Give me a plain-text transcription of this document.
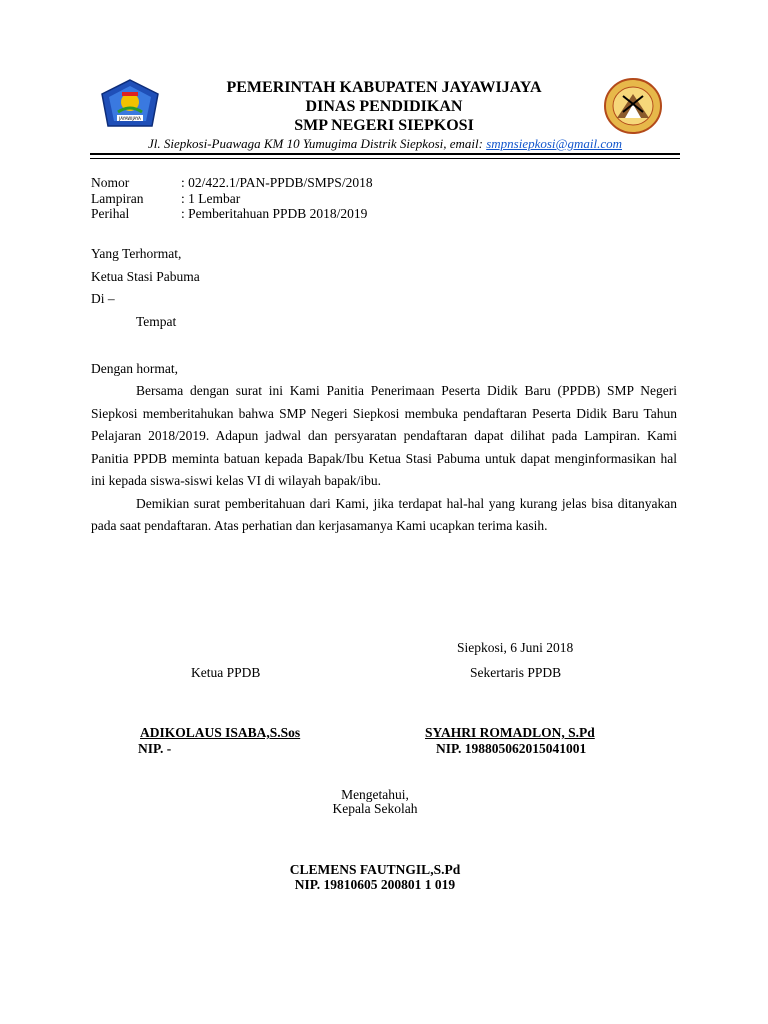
JAYAWIJAYA
PEMERINTAH KABUPATEN JAYAWIJAYA
DINAS PENDIDIKAN
SMP NEGERI SIEPKOSI
Jl. Siepkosi-Puawaga KM 10 Yumugima Distrik Siepkosi, email: smpnsiepkosi@gmail.com
Nomor	: 02/422.1/PAN-PPDB/SMPS/2018
Lampiran	: 1 Lembar
Perihal	: Pemberitahuan PPDB 2018/2019
Yang Terhormat,
Ketua Stasi Pabuma
Di –
Tempat
Dengan hormat,

Bersama dengan surat ini Kami Panitia Penerimaan Peserta Didik Baru (PPDB) SMP Negeri Siepkosi memberitahukan bahwa SMP Negeri Siepkosi membuka pendaftaran Peserta Didik Baru Tahun Pelajaran 2018/2019. Adapun jadwal dan persyaratan pendaftaran dapat dilihat pada Lampiran. Kami Panitia PPDB meminta batuan kepada Bapak/Ibu Ketua Stasi Pabuma untuk dapat menginformasikan hal ini kepada siswa-siswi kelas VI di wilayah bapak/ibu.

Demikian surat pemberitahuan dari Kami, jika terdapat hal-hal yang kurang jelas bisa ditanyakan pada saat pendaftaran. Atas perhatian dan kerjasamanya Kami ucapkan terima kasih.

Siepkosi, 6 Juni 2018
Ketua PPDB	Sekertaris PPDB
ADIKOLAUS ISABA,S.Sos
NIP. -
SYAHRI ROMADLON, S.Pd
NIP. 198805062015041001
Mengetahui,
Kepala Sekolah
CLEMENS FAUTNGIL,S.Pd
NIP. 19810605 200801 1 019
